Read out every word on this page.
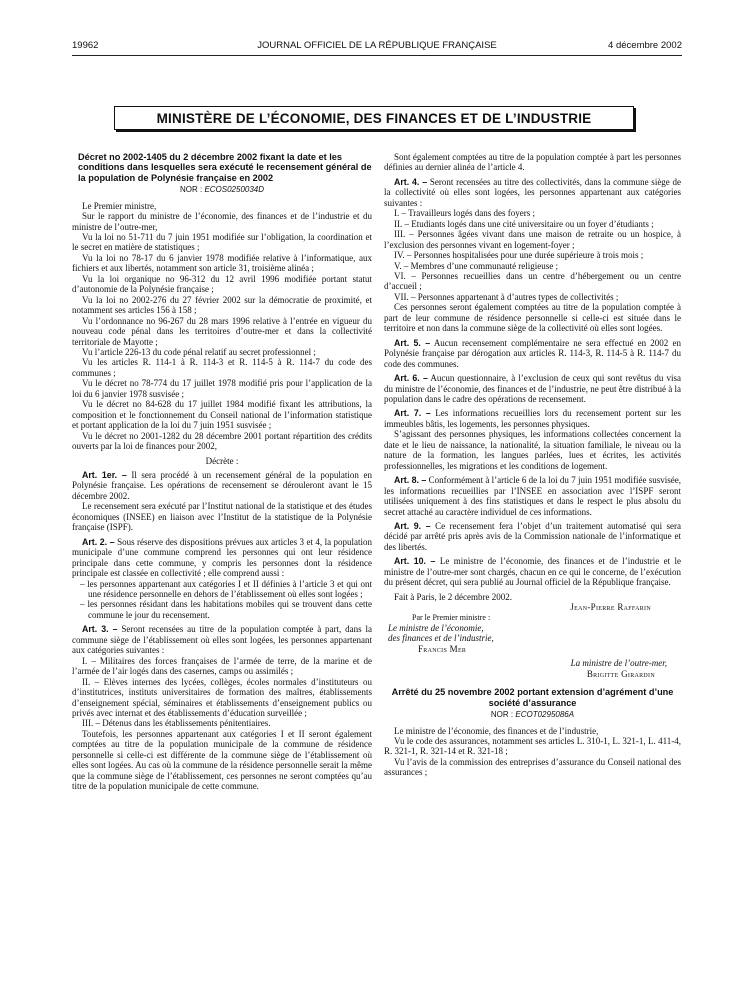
19962	JOURNAL OFFICIEL DE LA RÉPUBLIQUE FRANÇAISE	4 décembre 2002
MINISTÈRE DE L’ÉCONOMIE, DES FINANCES ET DE L’INDUSTRIE
Décret no 2002-1405 du 2 décembre 2002 fixant la date et les conditions dans lesquelles sera exécuté le recensement général de la population de Polynésie française en 2002
NOR : ECOS0250034D

Le Premier ministre,

Sur le rapport du ministre de l’économie, des finances et de l’industrie et du ministre de l’outre-mer,

Vu la loi no 51-711 du 7 juin 1951 modifiée sur l’obligation, la coordination et le secret en matière de statistiques ;

Vu la loi no 78-17 du 6 janvier 1978 modifiée relative à l’informatique, aux fichiers et aux libertés, notamment son article 31, troisième alinéa ;

Vu la loi organique no 96-312 du 12 avril 1996 modifiée portant statut d’autonomie de la Polynésie française ;

Vu la loi no 2002-276 du 27 février 2002 sur la démocratie de proximité, et notamment ses articles 156 à 158 ;

Vu l’ordonnance no 96-267 du 28 mars 1996 relative à l’entrée en vigueur du nouveau code pénal dans les territoires d’outre-mer et dans la collectivité territoriale de Mayotte ;

Vu l’article 226-13 du code pénal relatif au secret professionnel ;

Vu les articles R. 114-1 à R. 114-3 et R. 114-5 à R. 114-7 du code des communes ;

Vu le décret no 78-774 du 17 juillet 1978 modifié pris pour l’application de la loi du 6 janvier 1978 susvisée ;

Vu le décret no 84-628 du 17 juillet 1984 modifié fixant les attributions, la composition et le fonctionnement du Conseil national de l’information statistique et portant application de la loi du 7 juin 1951 susvisée ;

Vu le décret no 2001-1282 du 28 décembre 2001 portant répartition des crédits ouverts par la loi de finances pour 2002,

Décrète :

Art. 1er. – Il sera procédé à un recensement général de la population en Polynésie française. Les opérations de recensement se dérouleront avant le 15 décembre 2002.

Le recensement sera exécuté par l’Institut national de la statistique et des études économiques (INSEE) en liaison avec l’Institut de la statistique de la Polynésie française (ISPF).

Art. 2. – Sous réserve des dispositions prévues aux articles 3 et 4, la population municipale d’une commune comprend les personnes qui ont leur résidence principale dans cette commune, y compris les personnes dont la résidence principale est classée en collectivité ; elle comprend aussi :

– les personnes appartenant aux catégories I et II définies à l’article 3 et qui ont une résidence personnelle en dehors de l’établissement où elles sont logées ;

– les personnes résidant dans les habitations mobiles qui se trouvent dans cette commune le jour du recensement.

Art. 3. – Seront recensées au titre de la population comptée à part, dans la commune siège de l’établissement où elles sont logées, les personnes appartenant aux catégories suivantes :

I. – Militaires des forces françaises de l’armée de terre, de la marine et de l’armée de l’air logés dans des casernes, camps ou assimilés ;

II. – Elèves internes des lycées, collèges, écoles normales d’instituteurs ou d’institutrices, instituts universitaires de formation des maîtres, établissements d’enseignement spécial, séminaires et établissements d’enseignement publics ou privés avec internat et des établissements d’éducation surveillée ;

III. – Détenus dans les établissements pénitentiaires.

Toutefois, les personnes appartenant aux catégories I et II seront également comptées au titre de la population municipale de la commune de résidence personnelle si celle-ci est différente de la commune siège de l’établissement où elles sont logées. Au cas où la commune de la résidence personnelle serait la même que la commune siège de l’établissement, ces personnes ne seront comptées qu’au titre de la population municipale de cette commune.

Sont également comptées au titre de la population comptée à part les personnes définies au dernier alinéa de l’article 4.

Art. 4. – Seront recensées au titre des collectivités, dans la commune siège de la collectivité où elles sont logées, les personnes appartenant aux catégories suivantes :

I. – Travailleurs logés dans des foyers ;

II. – Etudiants logés dans une cité universitaire ou un foyer d’étudiants ;

III. – Personnes âgées vivant dans une maison de retraite ou un hospice, à l’exclusion des personnes vivant en logement-foyer ;

IV. – Personnes hospitalisées pour une durée supérieure à trois mois ;

V. – Membres d’une communauté religieuse ;

VI. – Personnes recueillies dans un centre d’hébergement ou un centre d’accueil ;

VII. – Personnes appartenant à d’autres types de collectivités ;

Ces personnes seront également comptées au titre de la population comptée à part de leur commune de résidence personnelle si celle-ci est située dans le territoire et non dans la commune siège de la collectivité où elles sont logées.

Art. 5. – Aucun recensement complémentaire ne sera effectué en 2002 en Polynésie française par dérogation aux articles R. 114-3, R. 114-5 à R. 114-7 du code des communes.

Art. 6. – Aucun questionnaire, à l’exclusion de ceux qui sont revêtus du visa du ministre de l’économie, des finances et de l’industrie, ne peut être distribué à la population dans le cadre des opérations de recensement.

Art. 7. – Les informations recueillies lors du recensement portent sur les immeubles bâtis, les logements, les personnes physiques.

S’agissant des personnes physiques, les informations collectées concernent la date et le lieu de naissance, la nationalité, la situation familiale, le niveau ou la nature de la formation, les langues parlées, lues et écrites, les activités professionnelles, les migrations et les conditions de logement.

Art. 8. – Conformément à l’article 6 de la loi du 7 juin 1951 modifiée susvisée, les informations recueillies par l’INSEE en association avec l’ISPF seront utilisées uniquement à des fins statistiques et dans le respect le plus absolu du secret attaché au caractère individuel de ces informations.

Art. 9. – Ce recensement fera l’objet d’un traitement automatisé qui sera décidé par arrêté pris après avis de la Commission nationale de l’informatique et des libertés.

Art. 10. – Le ministre de l’économie, des finances et de l’industrie et le ministre de l’outre-mer sont chargés, chacun en ce qui le concerne, de l’exécution du présent décret, qui sera publié au Journal officiel de la République française.

Fait à Paris, le 2 décembre 2002.

Jean-Pierre Raffarin

Par le Premier ministre :

Le ministre de l’économie,

des finances et de l’industrie,

Francis Mer

La ministre de l’outre-mer,

Brigitte Girardin

Arrêté du 25 novembre 2002 portant extension d’agrément d’une société d’assurance
NOR : ECOT0295086A

Le ministre de l’économie, des finances et de l’industrie,

Vu le code des assurances, notamment ses articles L. 310-1, L. 321-1, L. 411-4, R. 321-1, R. 321-14 et R. 321-18 ;

Vu l’avis de la commission des entreprises d’assurance du Conseil national des assurances ;
